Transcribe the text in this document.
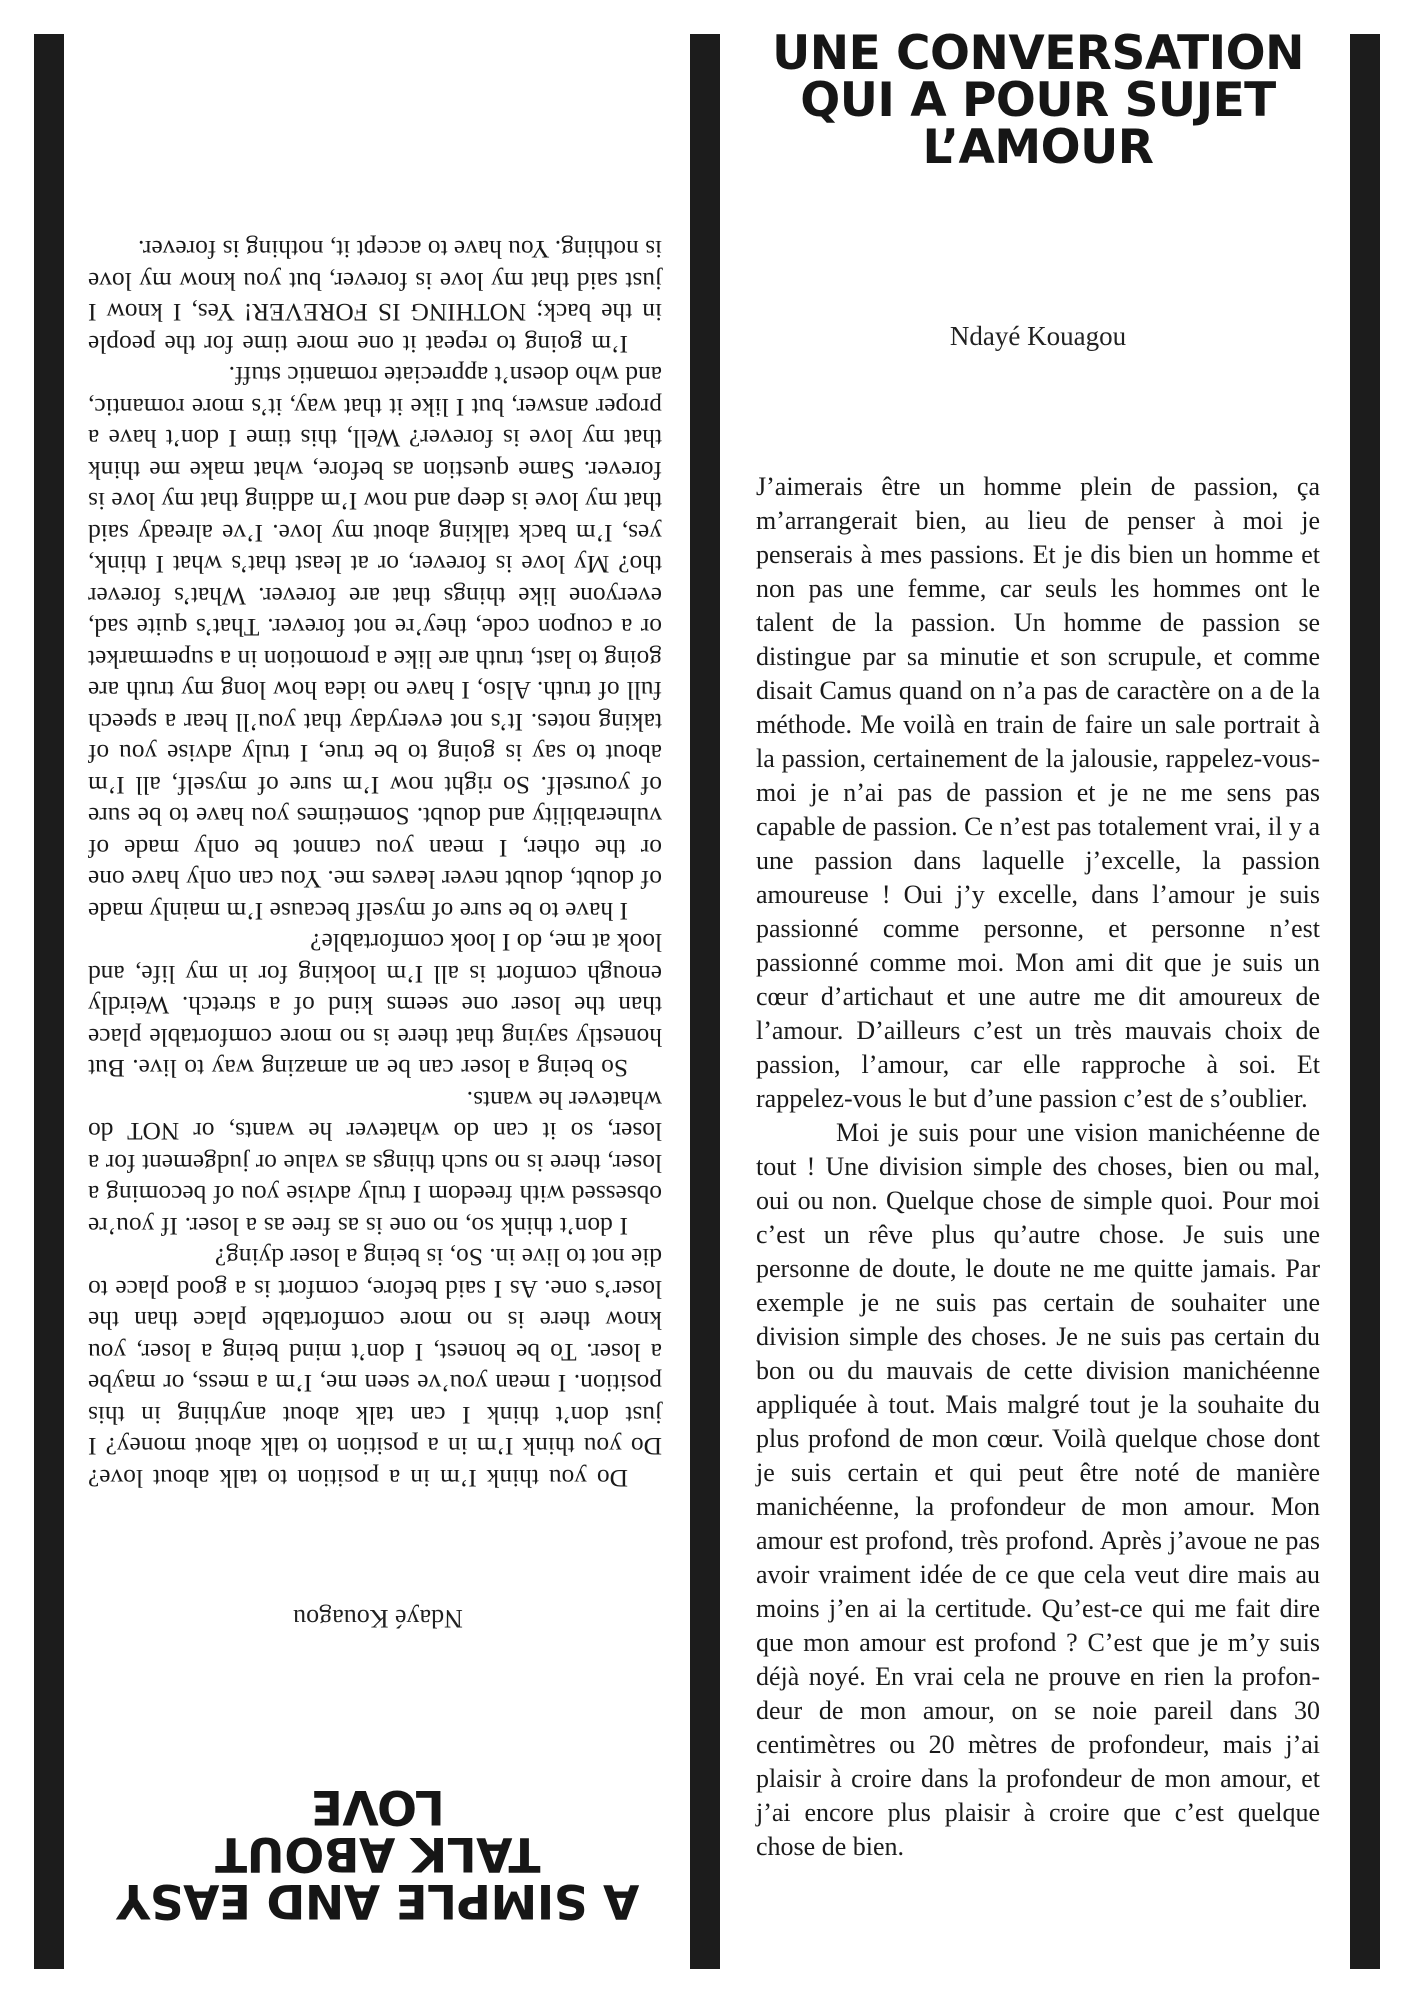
UNE CONVERSATION
QUI A POUR SUJET
L’AMOUR
Ndayé Kouagou

J’aimerais être un homme plein de passion, ça m’arrangerait bien, au lieu de penser à moi je penserais à mes passions. Et je dis bien un homme et non pas une femme, car seuls les hommes ont le talent de la passion. Un homme de passion se distingue par sa minutie et son scrupule, et comme disait Camus quand on n’a pas de caractère on a de la méthode. Me voilà en train de faire un sale portrait à la passion, certainement de la jalousie, rappelez-vous-moi je n’ai pas de passion et je ne me sens pas capable de passion. Ce n’est pas totalement vrai, il y a une passion dans laquelle j’excelle, la passion amoureuse ! Oui j’y excelle, dans l’amour je suis passionné comme personne, et personne n’est passionné comme moi. Mon ami dit que je suis un cœur d’artichaut et une autre me dit amoureux de l’amour. D’ailleurs c’est un très mauvais choix de passion, l’amour, car elle rapproche à soi. Et rappelez-vous le but d’une passion c’est de s’oublier.

Moi je suis pour une vision manichéenne de tout ! Une division simple des choses, bien ou mal, oui ou non. Quelque chose de simple quoi. Pour moi c’est un rêve plus qu’autre chose. Je suis une personne de doute, le doute ne me quitte jamais. Par exemple je ne suis pas certain de souhaiter une division simple des choses. Je ne suis pas certain du bon ou du mauvais de cette division manichéenne appliquée à tout. Mais malgré tout je la souhaite du plus profond de mon cœur. Voilà quelque chose dont je suis certain et qui peut être noté de manière manichéenne, la profondeur de mon amour. Mon amour est profond, très profond. Après j’avoue ne pas avoir vraiment idée de ce que cela veut dire mais au moins j’en ai la certitude. Qu’est-ce qui me fait dire que mon amour est profond ? C’est que je m’y suis déjà noyé. En vrai cela ne prouve en rien la profondeur de mon amour, on se noie pareil dans 30 centimètres ou 20 mètres de profondeur, mais j’ai plaisir à croire dans la profondeur de mon amour, et j’ai encore plus plaisir à croire que c’est quelque chose de bien.

A SIMPLE AND EASY
TALK ABOUT
LOVE
Ndayé Kouagou

Do you think I’m in a position to talk about love? Do you think I’m in a position to talk about money? I just don’t think I can talk about anything in this position. I mean you’ve seen me, I’m a mess, or maybe a loser. To be honest, I don’t mind being a loser, you know there is no more comfortable place than the loser’s one. As I said before, comfort is a good place to die not to live in. So, is being a loser dying?

I don’t think so, no one is as free as a loser. If you’re obsessed with freedom I truly advise you of becoming a loser, there is no such things as value or judgement for a loser, so it can do whatever he wants, or NOT do whatever he wants.

So being a loser can be an amazing way to live. But honestly saying that there is no more comfortable place than the loser one seems kind of a stretch. Weirdly enough comfort is all I’m looking for in my life, and look at me, do I look comfortable?

I have to be sure of myself because I’m mainly made of doubt, doubt never leaves me. You can only have one or the other, I mean you cannot be only made of vulnerability and doubt. Sometimes you have to be sure of yourself. So right now I’m sure of myself, all I’m about to say is going to be true, I truly advise you of taking notes. It’s not everyday that you’ll hear a speech full of truth. Also, I have no idea how long my truth are going to last, truth are like a promotion in a supermarket or a coupon code, they’re not forever. That’s quite sad, everyone like things that are forever. What’s forever tho? My love is forever, or at least that’s what I think, yes, I’m back talking about my love. I’ve already said that my love is deep and now I’m adding that my love is forever. Same question as before, what make me think that my love is forever? Well, this time I don’t have a proper answer, but I like it that way, it’s more romantic, and who doesn’t appreciate romantic stuff.

I’m going to repeat it one more time for the people in the back; NOTHING IS FOREVER! Yes, I know I just said that my love is forever, but you know my love is nothing. You have to accept it, nothing is forever.
